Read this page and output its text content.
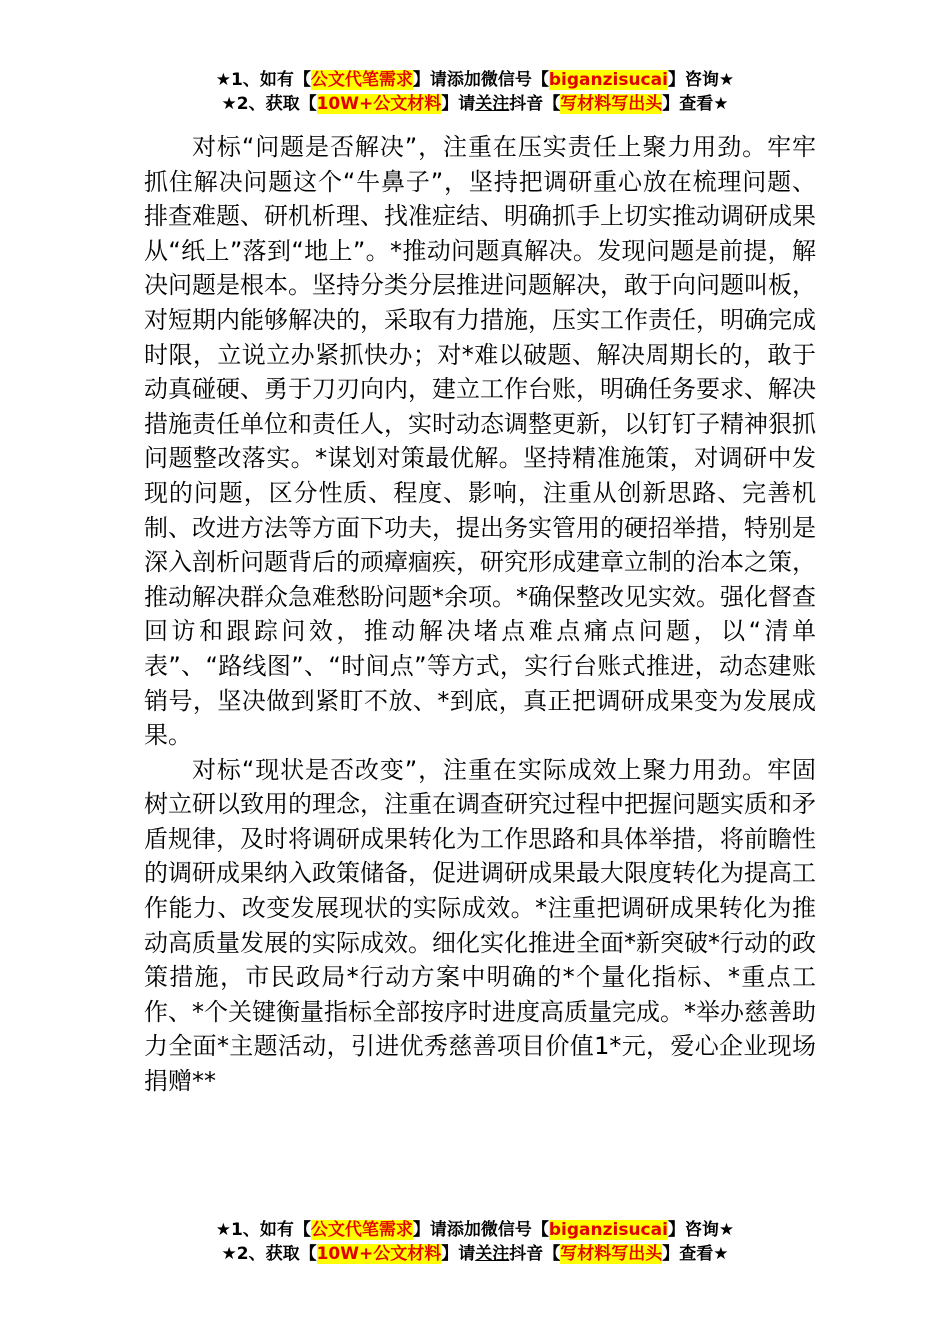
★1、如有【公文代笔需求】请添加微信号【biganzisucai】咨询★
★2、获取【10W+公文材料】请关注抖音【写材料写出头】查看★

对标“问题是否解决”，注重在压实责任上聚力用劲。牢牢抓住解决问题这个“牛鼻子”，坚持把调研重心放在梳理问题、排查难题、研机析理、找准症结、明确抓手上切实推动调研成果从“纸上”落到“地上”。*推动问题真解决。发现问题是前提，解决问题是根本。坚持分类分层推进问题解决，敢于向问题叫板，对短期内能够解决的，采取有力措施，压实工作责任，明确完成时限，立说立办紧抓快办；对*难以破题、解决周期长的，敢于动真碰硬、勇于刀刃向内，建立工作台账，明确任务要求、解决措施责任单位和责任人，实时动态调整更新，以钉钉子精神狠抓问题整改落实。*谋划对策最优解。坚持精准施策，对调研中发现的问题，区分性质、程度、影响，注重从创新思路、完善机制、改进方法等方面下功夫，提出务实管用的硬招举措，特别是深入剖析问题背后的顽瘴痼疾，研究形成建章立制的治本之策，推动解决群众急难愁盼问题*余项。*确保整改见实效。强化督查回访和跟踪问效，推动解决堵点难点痛点问题，以“清单表”、“路线图”、“时间点”等方式，实行台账式推进，动态建账销号，坚决做到紧盯不放、*到底，真正把调研成果变为发展成果。

对标“现状是否改变”，注重在实际成效上聚力用劲。牢固树立研以致用的理念，注重在调查研究过程中把握问题实质和矛盾规律，及时将调研成果转化为工作思路和具体举措，将前瞻性的调研成果纳入政策储备，促进调研成果最大限度转化为提高工作能力、改变发展现状的实际成效。*注重把调研成果转化为推动高质量发展的实际成效。细化实化推进全面*新突破*行动的政策措施，市民政局*行动方案中明确的*个量化指标、*重点工作、*个关键衡量指标全部按序时进度高质量完成。*举办慈善助力全面*主题活动，引进优秀慈善项目价值1*元，爱心企业现场捐赠**

★1、如有【公文代笔需求】请添加微信号【biganzisucai】咨询★
★2、获取【10W+公文材料】请关注抖音【写材料写出头】查看★
